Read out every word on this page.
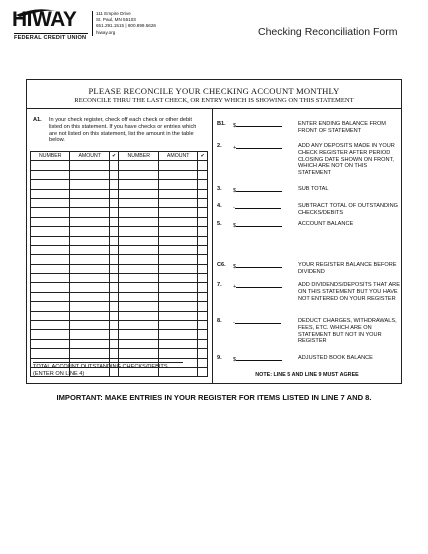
HIWAY
FEDERAL CREDIT UNION
111 Empire Drive
St. Paul, MN 55103
651.291.1515 | 800.899.5626
hiway.org	Checking Reconciliation Form
PLEASE RECONCILE YOUR CHECKING ACCOUNT MONTHLY
RECONCILE THRU THE LAST CHECK, OR ENTRY WHICH IS SHOWING ON THIS STATEMENT
A1. In your check register, check off each check or other debit listed on this statement. If you have checks or entries which are not listed on this statement, list the amount in the table below.
NUMBER	AMOUNT	✔	NUMBER	AMOUNT	✔

TOTAL ACCOUNT OUTSTANDING CHECKS/DEBITS (ENTER ON LINE 4)
B1. $	ENTER ENDING BALANCE FROM FRONT OF STATEMENT
2. +	ADD ANY DEPOSITS MADE IN YOUR CHECK REGISTER AFTER PERIOD CLOSING DATE SHOWN ON FRONT, WHICH ARE NOT ON THIS STATEMENT
3. $	SUB TOTAL
4. -	SUBTRACT TOTAL OF OUTSTANDING CHECKS/DEBITS
5. $	ACCOUNT BALANCE
C6. $	YOUR REGISTER BALANCE BEFORE DIVIDEND
7. +	ADD DIVIDENDS/DEPOSITS THAT ARE ON THIS STATEMENT BUT YOU HAVE NOT ENTERED ON YOUR REGISTER
8. -	DEDUCT CHARGES, WITHDRAWALS, FEES, ETC. WHICH ARE ON STATEMENT BUT NOT IN YOUR REGISTER
9. $	ADJUSTED BOOK BALANCE
NOTE: LINE 5 AND LINE 9 MUST AGREE
IMPORTANT: MAKE ENTRIES IN YOUR REGISTER FOR ITEMS LISTED IN LINE 7 AND 8.
